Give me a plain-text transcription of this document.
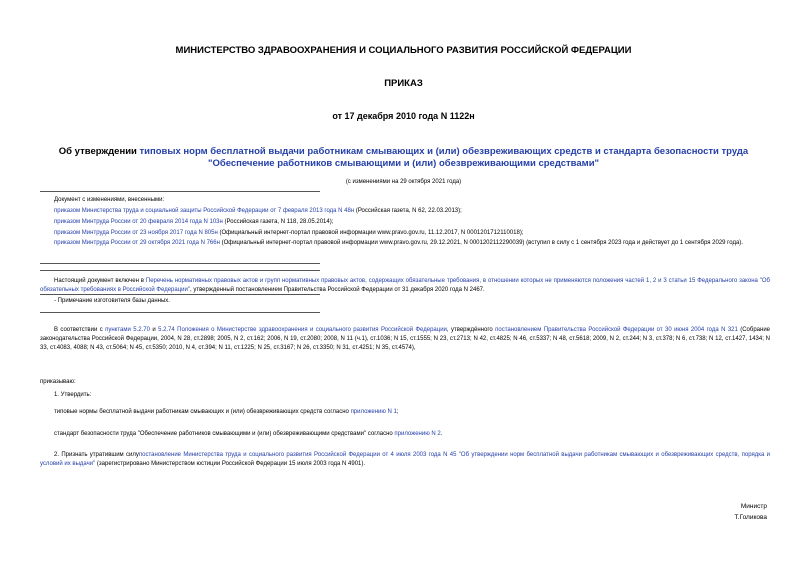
МИНИСТЕРСТВО ЗДРАВООХРАНЕНИЯ И СОЦИАЛЬНОГО РАЗВИТИЯ РОССИЙСКОЙ ФЕДЕРАЦИИ
ПРИКАЗ
от 17 декабря 2010 года N 1122н
Об утверждении типовых норм бесплатной выдачи работникам смывающих и (или) обезвреживающих средств и стандарта безопасности труда "Обеспечение работников смывающими и (или) обезвреживающими средствами"
(с изменениями на 29 октября 2021 года)
Документ с изменениями, внесенными:
приказом Министерства труда и социальной защиты Российской Федерации от 7 февраля 2013 года N 48н (Российская газета, N 62, 22.03.2013);
приказом Минтруда России от 20 февраля 2014 года N 103н (Российская газета, N 118, 28.05.2014);
приказом Минтруда России от 23 ноября 2017 года N 805н (Официальный интернет-портал правовой информации www.pravo.gov.ru, 11.12.2017, N 0001201712110018);
приказом Минтруда России от 29 октября 2021 года N 766н (Официальный интернет-портал правовой информации www.pravo.gov.ru, 29.12.2021, N 0001202112290039) (вступил в силу с 1 сентября 2023 года и действует до 1 сентября 2029 года).
Настоящий документ включен в Перечень нормативных правовых актов и групп нормативных правовых актов, содержащих обязательные требования, в отношении которых не применяются положения частей 1, 2 и 3 статьи 15 Федерального закона "Об обязательных требованиях в Российской Федерации", утвержденный постановлением Правительства Российской Федерации от 31 декабря 2020 года N 2467.
- Примечание изготовителя базы данных.
В соответствии с пунктами 5.2.70 и 5.2.74 Положения о Министерстве здравоохранения и социального развития Российской Федерации, утверждённого постановлением Правительства Российской Федерации от 30 июня 2004 года N 321 (Собрание законодательства Российской Федерации, 2004, N 28, ст.2898; 2005, N 2, ст.162; 2006, N 19, ст.2080; 2008, N 11 (ч.1), ст.1036; N 15, ст.1555; N 23, ст.2713; N 42, ст.4825; N 46, ст.5337; N 48, ст.5618; 2009, N 2, ст.244; N 3, ст.378; N 6, ст.738; N 12, ст.1427, 1434; N 33, ст.4083, 4088; N 43, ст.5064; N 45, ст.5350; 2010, N 4, ст.394; N 11, ст.1225; N 25, ст.3167; N 26, ст.3350; N 31, ст.4251; N 35, ст.4574),
приказываю:
1. Утвердить:
типовые нормы бесплатной выдачи работникам смывающих и (или) обезвреживающих средств согласно приложению N 1;
стандарт безопасности труда "Обеспечение работников смывающими и (или) обезвреживающими средствами" согласно приложению N 2.
2. Признать утратившим силупостановление Министерства труда и социального развития Российской Федерации от 4 июля 2003 года N 45 "Об утверждении норм бесплатной выдачи работникам смывающих и обезвреживающих средств, порядка и условий их выдачи" (зарегистрировано Министерством юстиции Российской Федерации 15 июля 2003 года N 4901).
Министр
Т.Голикова
